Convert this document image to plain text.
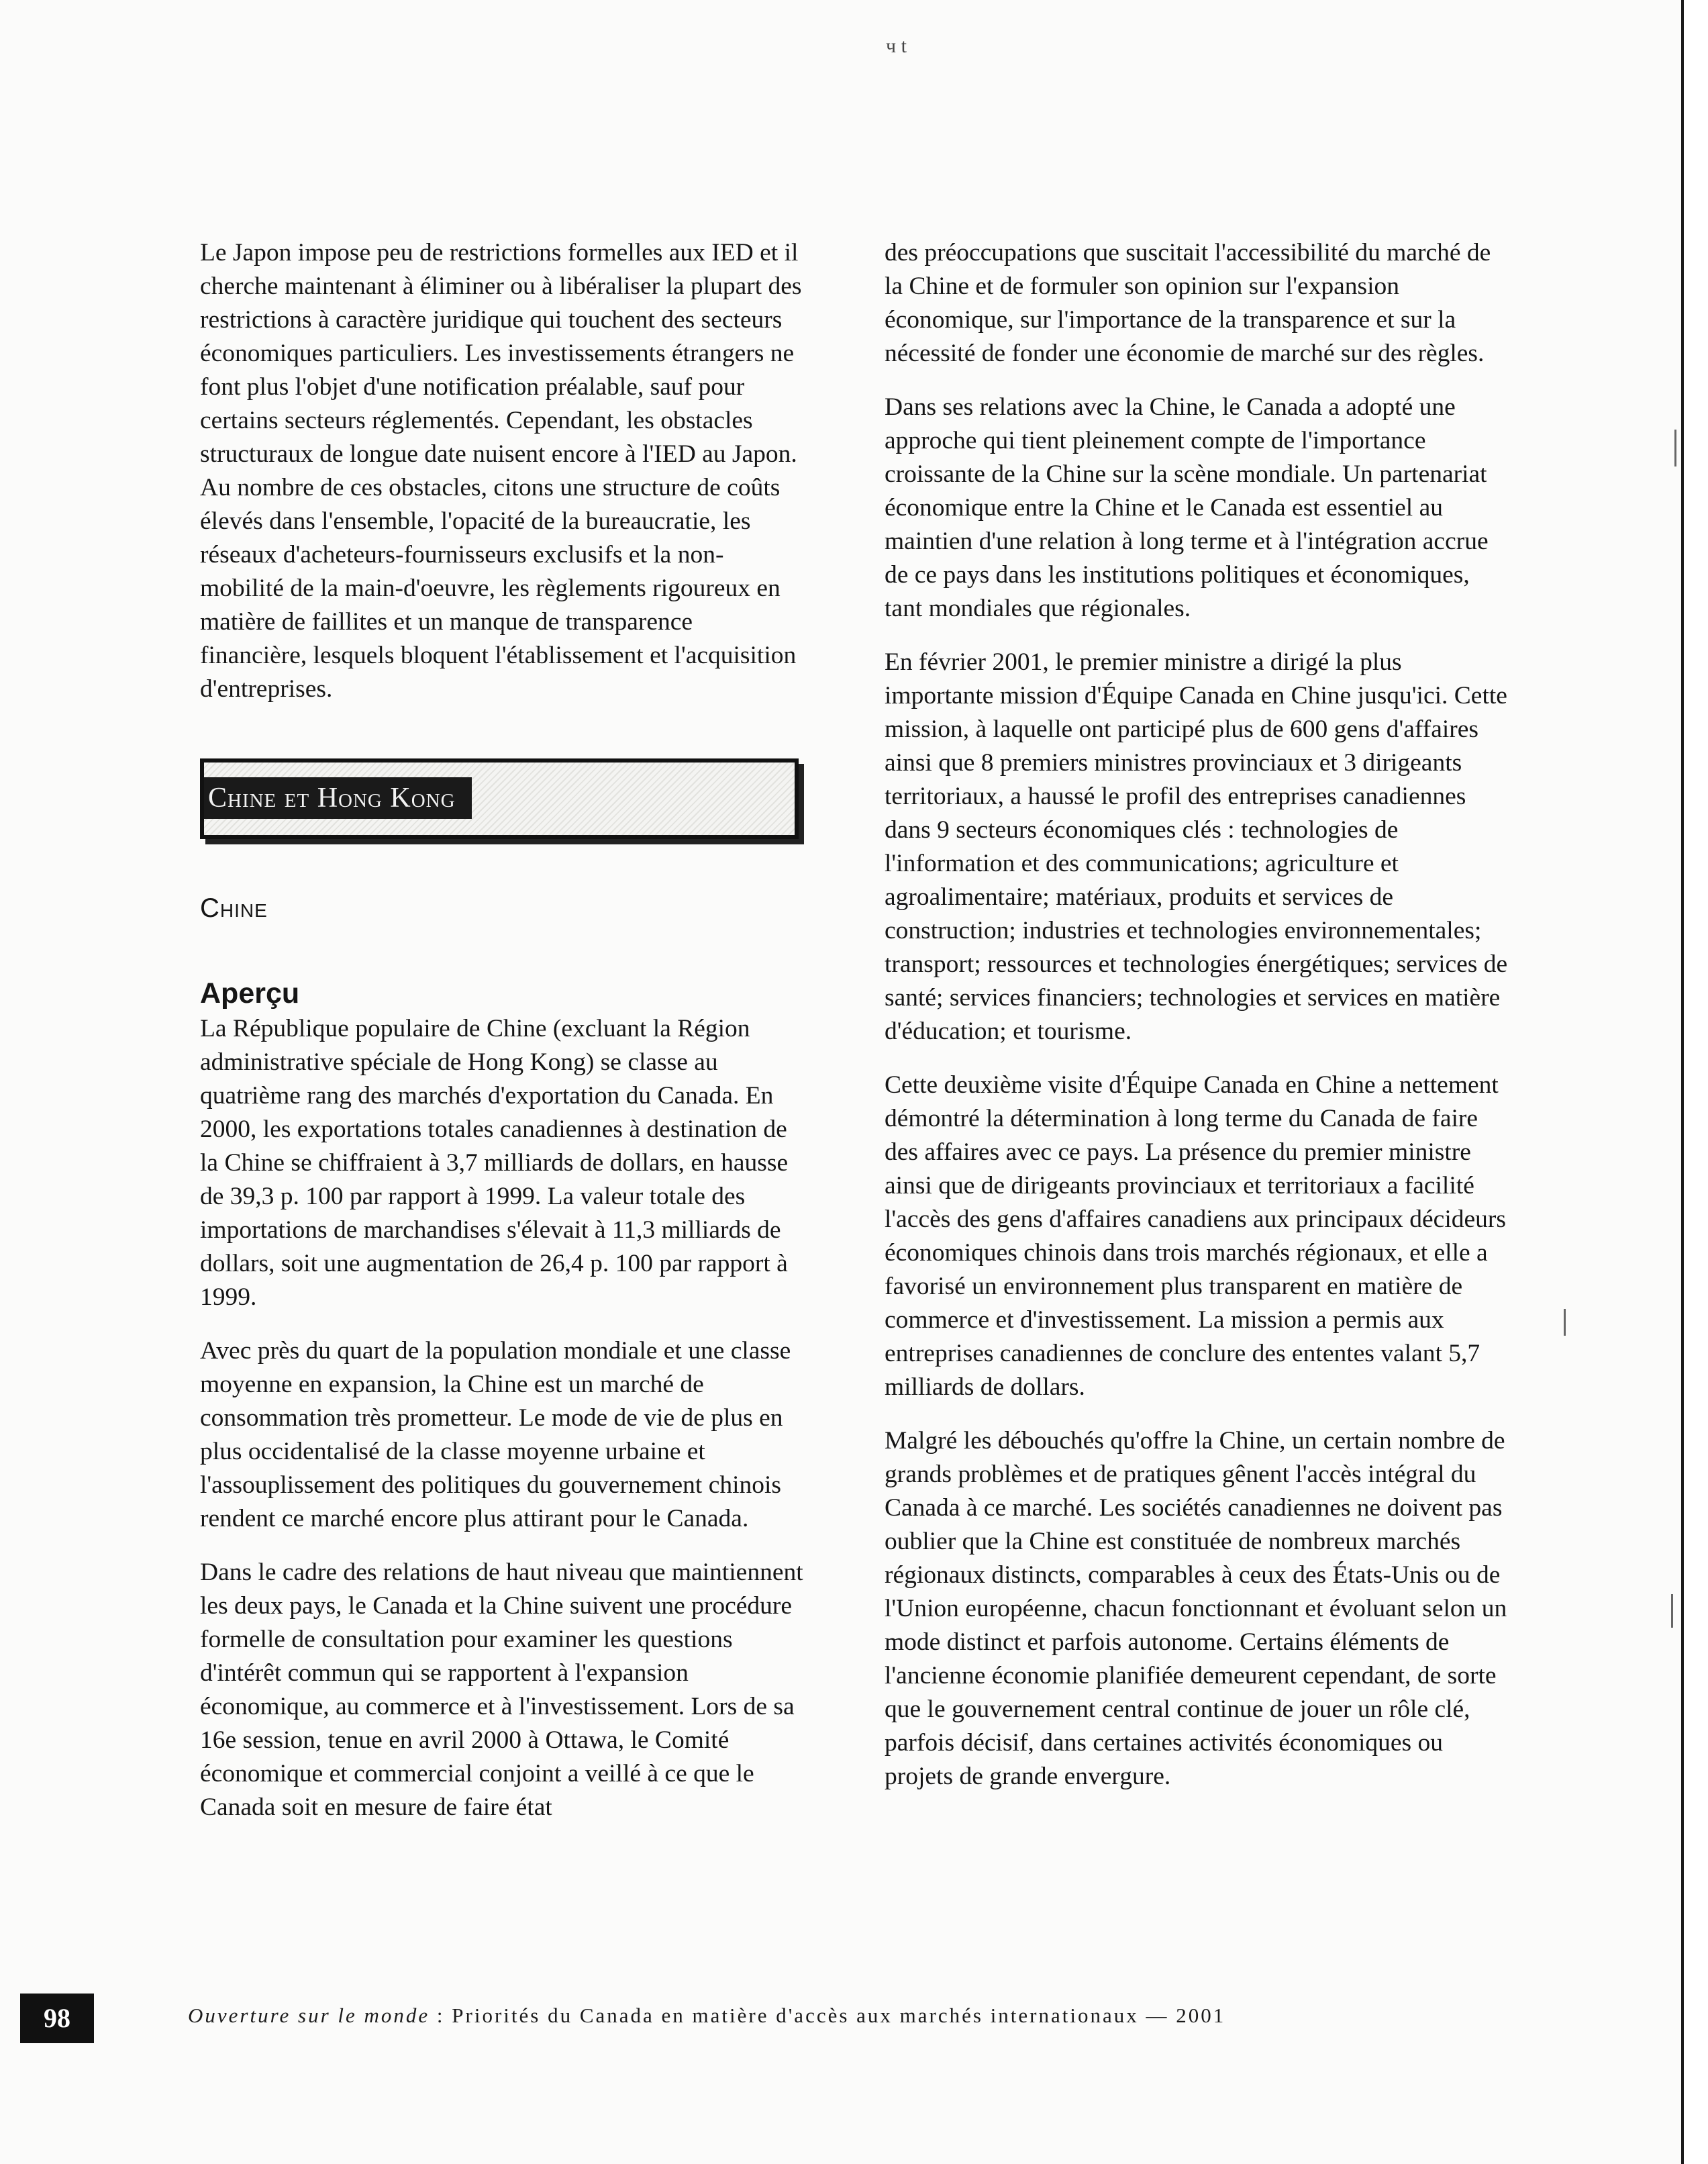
ч t

Le Japon impose peu de restrictions formelles aux IED et il cherche maintenant à éliminer ou à libéraliser la plupart des restrictions à caractère juridique qui touchent des secteurs économiques particuliers. Les investissements étrangers ne font plus l'objet d'une notification préalable, sauf pour certains secteurs réglementés. Cependant, les obstacles structuraux de longue date nuisent encore à l'IED au Japon. Au nombre de ces obstacles, citons une structure de coûts élevés dans l'ensemble, l'opacité de la bureaucratie, les réseaux d'acheteurs-fournisseurs exclusifs et la non-mobilité de la main-d'oeuvre, les règlements rigoureux en matière de faillites et un manque de transparence financière, lesquels bloquent l'établissement et l'acquisition d'entreprises.

Chine et Hong Kong
Chine
Aperçu

La République populaire de Chine (excluant la Région administrative spéciale de Hong Kong) se classe au quatrième rang des marchés d'exportation du Canada. En 2000, les exportations totales canadiennes à destination de la Chine se chiffraient à 3,7 milliards de dollars, en hausse de 39,3 p. 100 par rapport à 1999. La valeur totale des importations de marchandises s'élevait à 11,3 milliards de dollars, soit une augmentation de 26,4 p. 100 par rapport à 1999.

Avec près du quart de la population mondiale et une classe moyenne en expansion, la Chine est un marché de consommation très prometteur. Le mode de vie de plus en plus occidentalisé de la classe moyenne urbaine et l'assouplissement des politiques du gouvernement chinois rendent ce marché encore plus attirant pour le Canada.

Dans le cadre des relations de haut niveau que maintiennent les deux pays, le Canada et la Chine suivent une procédure formelle de consultation pour examiner les questions d'intérêt commun qui se rapportent à l'expansion économique, au commerce et à l'investissement. Lors de sa 16e session, tenue en avril 2000 à Ottawa, le Comité économique et commercial conjoint a veillé à ce que le Canada soit en mesure de faire état

des préoccupations que suscitait l'accessibilité du marché de la Chine et de formuler son opinion sur l'expansion économique, sur l'importance de la transparence et sur la nécessité de fonder une économie de marché sur des règles.

Dans ses relations avec la Chine, le Canada a adopté une approche qui tient pleinement compte de l'importance croissante de la Chine sur la scène mondiale. Un partenariat économique entre la Chine et le Canada est essentiel au maintien d'une relation à long terme et à l'intégration accrue de ce pays dans les institutions politiques et économiques, tant mondiales que régionales.

En février 2001, le premier ministre a dirigé la plus importante mission d'Équipe Canada en Chine jusqu'ici. Cette mission, à laquelle ont participé plus de 600 gens d'affaires ainsi que 8 premiers ministres provinciaux et 3 dirigeants territoriaux, a haussé le profil des entreprises canadiennes dans 9 secteurs économiques clés : technologies de l'information et des communications; agriculture et agroalimentaire; matériaux, produits et services de construction; industries et technologies environnementales; transport; ressources et technologies énergétiques; services de santé; services financiers; technologies et services en matière d'éducation; et tourisme.

Cette deuxième visite d'Équipe Canada en Chine a nettement démontré la détermination à long terme du Canada de faire des affaires avec ce pays. La présence du premier ministre ainsi que de dirigeants provinciaux et territoriaux a facilité l'accès des gens d'affaires canadiens aux principaux décideurs économiques chinois dans trois marchés régionaux, et elle a favorisé un environnement plus transparent en matière de commerce et d'investissement. La mission a permis aux entreprises canadiennes de conclure des ententes valant 5,7 milliards de dollars.

Malgré les débouchés qu'offre la Chine, un certain nombre de grands problèmes et de pratiques gênent l'accès intégral du Canada à ce marché. Les sociétés canadiennes ne doivent pas oublier que la Chine est constituée de nombreux marchés régionaux distincts, comparables à ceux des États-Unis ou de l'Union européenne, chacun fonctionnant et évoluant selon un mode distinct et parfois autonome. Certains éléments de l'ancienne économie planifiée demeurent cependant, de sorte que le gouvernement central continue de jouer un rôle clé, parfois décisif, dans certaines activités économiques ou projets de grande envergure.

98	Ouverture sur le monde : Priorités du Canada en matière d'accès aux marchés internationaux — 2001
